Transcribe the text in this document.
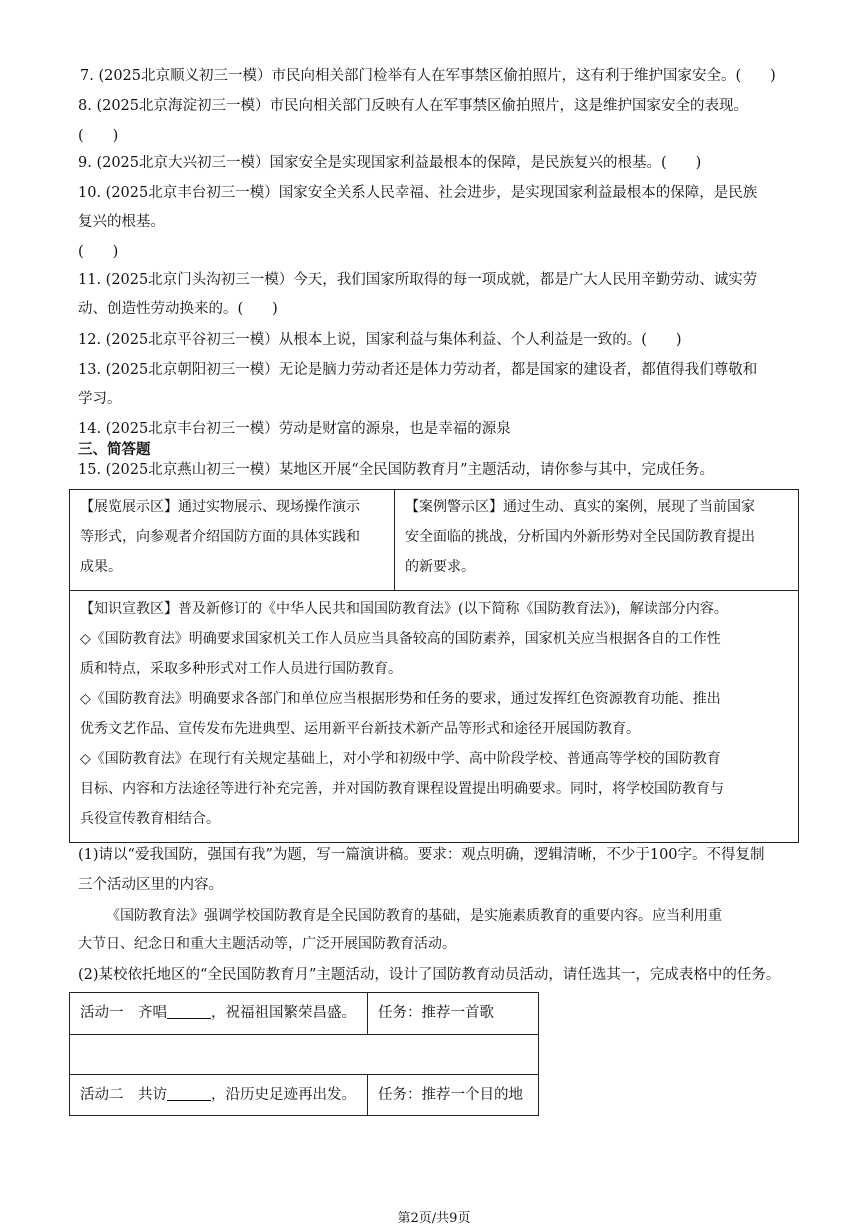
7. (2025北京顺义初三一模）市民向相关部门检举有人在军事禁区偷拍照片，这有利于维护国家安全。(　　)
8. (2025北京海淀初三一模）市民向相关部门反映有人在军事禁区偷拍照片，这是维护国家安全的表现。
(　　)
9. (2025北京大兴初三一模）国家安全是实现国家利益最根本的保障，是民族复兴的根基。(　　)
10. (2025北京丰台初三一模）国家安全关系人民幸福、社会进步，是实现国家利益最根本的保障，是民族
复兴的根基。
(　　)
11. (2025北京门头沟初三一模）今天，我们国家所取得的每一项成就，都是广大人民用辛勤劳动、诚实劳
动、创造性劳动换来的。(　　)
12. (2025北京平谷初三一模）从根本上说，国家利益与集体利益、个人利益是一致的。(　　)
13. (2025北京朝阳初三一模）无论是脑力劳动者还是体力劳动者，都是国家的建设者，都值得我们尊敬和
学习。
14. (2025北京丰台初三一模）劳动是财富的源泉，也是幸福的源泉
三、简答题
15. (2025北京燕山初三一模）某地区开展“全民国防教育月”主题活动，请你参与其中，完成任务。
【展览展示区】通过实物展示、现场操作演示
等形式，向参观者介绍国防方面的具体实践和
成果。
【案例警示区】通过生动、真实的案例，展现了当前国家
安全面临的挑战，分析国内外新形势对全民国防教育提出
的新要求。
【知识宣教区】普及新修订的《中华人民共和国国防教育法》(以下简称《国防教育法》)，解读部分内容。
◇《国防教育法》明确要求国家机关工作人员应当具备较高的国防素养，国家机关应当根据各自的工作性
质和特点，采取多种形式对工作人员进行国防教育。
◇《国防教育法》明确要求各部门和单位应当根据形势和任务的要求，通过发挥红色资源教育功能、推出
优秀文艺作品、宣传发布先进典型、运用新平台新技术新产品等形式和途径开展国防教育。
◇《国防教育法》在现行有关规定基础上，对小学和初级中学、高中阶段学校、普通高等学校的国防教育
目标、内容和方法途径等进行补充完善，并对国防教育课程设置提出明确要求。同时，将学校国防教育与
兵役宣传教育相结合。
(1)请以“爱我国防，强国有我”为题，写一篇演讲稿。要求：观点明确，逻辑清晰，不少于100字。不得复制
三个活动区里的内容。
《国防教育法》强调学校国防教育是全民国防教育的基础，是实施素质教育的重要内容。应当利用重
大节日、纪念日和重大主题活动等，广泛开展国防教育活动。
(2)某校依托地区的“全民国防教育月”主题活动，设计了国防教育动员活动，请任选其一，完成表格中的任务。
活动一　齐唱	，祝福祖国繁荣昌盛。 任务：推荐一首歌
活动二　共访	，沿历史足迹再出发。 任务：推荐一个目的地
第2页/共9页
